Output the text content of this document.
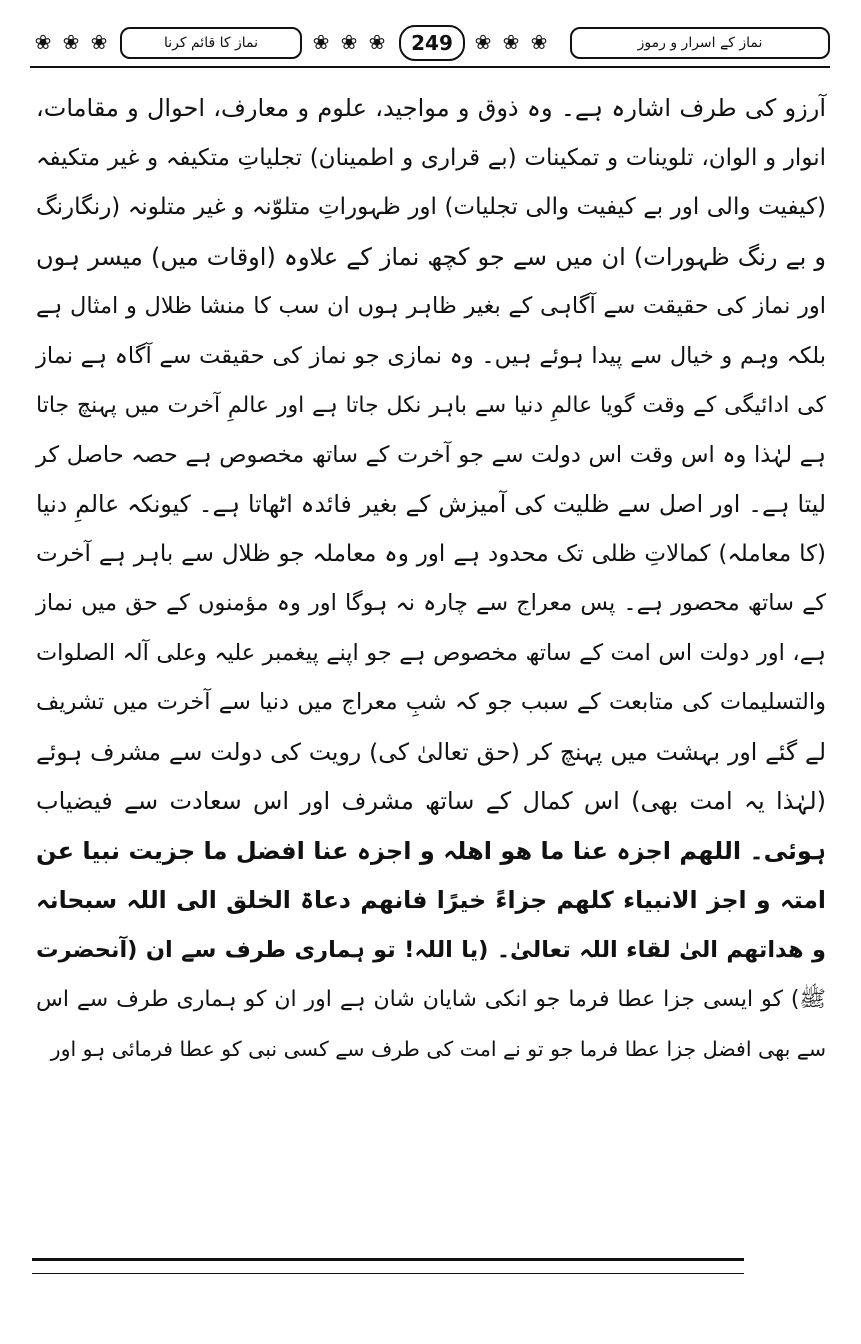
❀ ❀ ❀	❀ ❀ ❀	❀ ❀ ❀
نماز کا قائم کرنا	249	نماز کے اسرار و رموز
آرزو کی طرف اشارہ ہے۔ وہ ذوق و مواجید، علوم و معارف، احوال و مقامات،
انوار و الوان، تلوینات و تمکینات (بے قراری و اطمینان) تجلیاتِ متکیفہ و غیر متکیفہ
(کیفیت والی اور بے کیفیت والی تجلیات) اور ظہوراتِ متلوّنہ و غیر متلونہ (رنگارنگ
و بے رنگ ظہورات) ان میں سے جو کچھ نماز کے علاوہ (اوقات میں) میسر ہوں
اور نماز کی حقیقت سے آگاہی کے بغیر ظاہر ہوں ان سب کا منشا ظلال و امثال ہے
بلکہ وہم و خیال سے پیدا ہوئے ہیں۔ وہ نمازی جو نماز کی حقیقت سے آگاہ ہے نماز
کی ادائیگی کے وقت گویا عالمِ دنیا سے باہر نکل جاتا ہے اور عالمِ آخرت میں پہنچ جاتا
ہے لہٰذا وہ اس وقت اس دولت سے جو آخرت کے ساتھ مخصوص ہے حصہ حاصل کر
لیتا ہے۔ اور اصل سے ظلیت کی آمیزش کے بغیر فائدہ اٹھاتا ہے۔ کیونکہ عالمِ دنیا
(کا معاملہ) کمالاتِ ظلی تک محدود ہے اور وہ معاملہ جو ظلال سے باہر ہے آخرت
کے ساتھ محصور ہے۔ پس معراج سے چارہ نہ ہوگا اور وہ مؤمنوں کے حق میں نماز
ہے، اور دولت اس امت کے ساتھ مخصوص ہے جو اپنے پیغمبر علیہ وعلی آلہ الصلوات
والتسلیمات کی متابعت کے سبب جو کہ شبِ معراج میں دنیا سے آخرت میں تشریف
لے گئے اور بہشت میں پہنچ کر (حق تعالیٰ کی) رویت کی دولت سے مشرف ہوئے
(لہٰذا یہ امت بھی) اس کمال کے ساتھ مشرف اور اس سعادت سے فیضیاب
ہوئی۔ اللھم اجزہ عنا ما ھو اھلہ و اجزہ عنا افضل ما جزیت نبیا عن
امتہ و اجز الانبیاء کلھم جزاءً خیرًا فانھم دعاۃ الخلق الی اللہ سبحانہ
و ھداتھم الیٰ لقاء اللہ تعالیٰ۔ (یا اللہ! تو ہماری طرف سے ان (آنحضرت
ﷺ) کو ایسی جزا عطا فرما جو انکی شایان شان ہے اور ان کو ہماری طرف سے اس
سے بھی افضل جزا عطا فرما جو تو نے امت کی طرف سے کسی نبی کو عطا فرمائی ہو اور
